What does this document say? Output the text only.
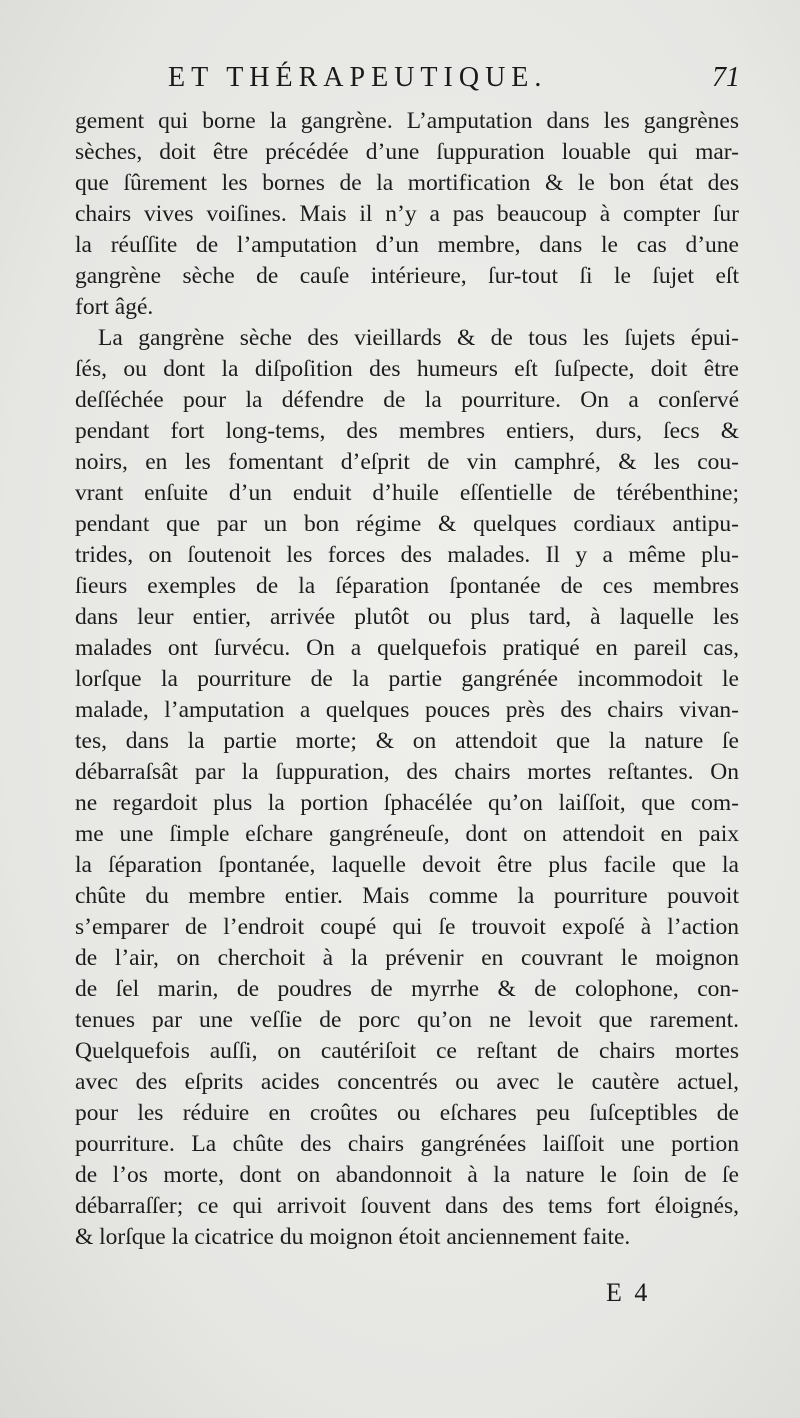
ET THÉRAPEUTIQUE.	71
gement qui borne la gangrène. L’amputation dans les gangrènes
sèches, doit être précédée d’une ſuppuration louable qui mar-
que ſûrement les bornes de la mortification & le bon état des
chairs vives voiſines. Mais il n’y a pas beaucoup à compter ſur
la réuſſite de l’amputation d’un membre, dans le cas d’une
gangrène sèche de cauſe intérieure, ſur-tout ſi le ſujet eſt
fort âgé.
La gangrène sèche des vieillards & de tous les ſujets épui-
ſés, ou dont la diſpoſition des humeurs eſt ſuſpecte, doit être
deſſéchée pour la défendre de la pourriture. On a conſervé
pendant fort long-tems, des membres entiers, durs, ſecs &
noirs, en les fomentant d’eſprit de vin camphré, & les cou-
vrant enſuite d’un enduit d’huile eſſentielle de térébenthine;
pendant que par un bon régime & quelques cordiaux antipu-
trides, on ſoutenoit les forces des malades. Il y a même plu-
ſieurs exemples de la ſéparation ſpontanée de ces membres
dans leur entier, arrivée plutôt ou plus tard, à laquelle les
malades ont ſurvécu. On a quelquefois pratiqué en pareil cas,
lorſque la pourriture de la partie gangrénée incommodoit le
malade, l’amputation a quelques pouces près des chairs vivan-
tes, dans la partie morte; & on attendoit que la nature ſe
débarraſsât par la ſuppuration, des chairs mortes reſtantes. On
ne regardoit plus la portion ſphacélée qu’on laiſſoit, que com-
me une ſimple eſchare gangréneuſe, dont on attendoit en paix
la ſéparation ſpontanée, laquelle devoit être plus facile que la
chûte du membre entier. Mais comme la pourriture pouvoit
s’emparer de l’endroit coupé qui ſe trouvoit expoſé à l’action
de l’air, on cherchoit à la prévenir en couvrant le moignon
de ſel marin, de poudres de myrrhe & de colophone, con-
tenues par une veſſie de porc qu’on ne levoit que rarement.
Quelquefois auſſi, on cautériſoit ce reſtant de chairs mortes
avec des eſprits acides concentrés ou avec le cautère actuel,
pour les réduire en croûtes ou eſchares peu ſuſceptibles de
pourriture. La chûte des chairs gangrénées laiſſoit une portion
de l’os morte, dont on abandonnoit à la nature le ſoin de ſe
débarraſſer; ce qui arrivoit ſouvent dans des tems fort éloignés,
& lorſque la cicatrice du moignon étoit anciennement faite.
E 4
